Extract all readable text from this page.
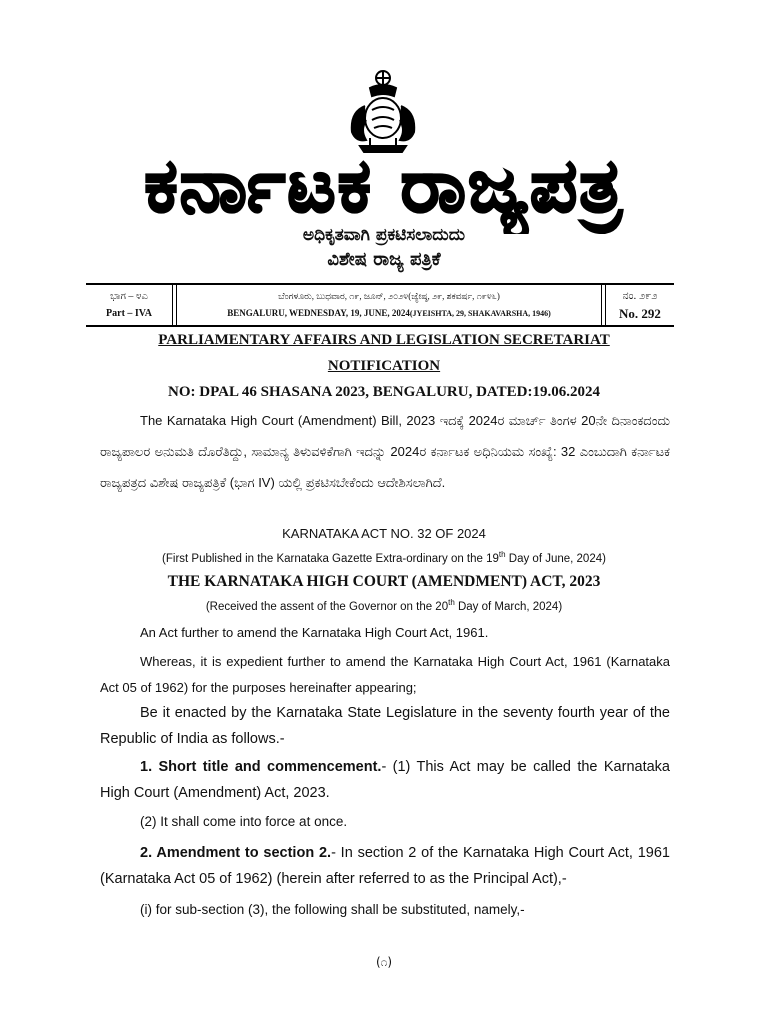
ಕರ್ನಾಟಕ ರಾಜ್ಯಪತ್ರ
ಅಧಿಕೃತವಾಗಿ ಪ್ರಕಟಿಸಲಾದುದು
ವಿಶೇಷ ರಾಜ್ಯ ಪತ್ರಿಕೆ
ಭಾಗ – ೪ಎ
Part – IVA
ಬೆಂಗಳೂರು, ಬುಧವಾರ, ೧೯, ಜೂನ್, ೨೦೨೪(ಜ್ಯೇಷ್ಠ, ೨೯, ಶಕವರ್ಷ, ೧೯೪೬)
BENGALURU, WEDNESDAY, 19, JUNE, 2024(JYEISHTA, 29, SHAKAVARSHA, 1946)
ನಂ. ೨೯೨
No. 292
PARLIAMENTARY AFFAIRS AND LEGISLATION SECRETARIAT
NOTIFICATION
NO: DPAL 46 SHASANA 2023, BENGALURU, DATED:19.06.2024
The Karnataka High Court (Amendment) Bill, 2023 ಇದಕ್ಕೆ 2024ರ ಮಾರ್ಚ್ ತಿಂಗಳ 20ನೇ ದಿನಾಂಕದಂದು ರಾಜ್ಯಪಾಲರ ಅನುಮತಿ ದೊರೆತಿದ್ದು, ಸಾಮಾನ್ಯ ತಿಳುವಳಿಕೆಗಾಗಿ ಇದನ್ನು 2024ರ ಕರ್ನಾಟಕ ಅಧಿನಿಯಮ ಸಂಖ್ಯೆ: 32 ಎಂಬುದಾಗಿ ಕರ್ನಾಟಕ ರಾಜ್ಯಪತ್ರದ ವಿಶೇಷ ರಾಜ್ಯಪತ್ರಿಕೆ (ಭಾಗ IV) ಯಲ್ಲಿ ಪ್ರಕಟಿಸಬೇಕೆಂದು ಆದೇಶಿಸಲಾಗಿದೆ.
KARNATAKA ACT NO. 32 OF 2024
(First Published in the Karnataka Gazette Extra-ordinary on the 19th Day of June, 2024)
THE KARNATAKA HIGH COURT (AMENDMENT) ACT, 2023
(Received the assent of the Governor on the 20th Day of March, 2024)
An Act further to amend the Karnataka High Court Act, 1961.
Whereas, it is expedient further to amend the Karnataka High Court Act, 1961 (Karnataka Act 05 of 1962) for the purposes hereinafter appearing;
Be it enacted by the Karnataka State Legislature in the seventy fourth year of the Republic of India as follows.-
1. Short title and commencement.- (1) This Act may be called the Karnataka High Court (Amendment) Act, 2023.
(2) It shall come into force at once.
2. Amendment to section 2.- In section 2 of the Karnataka High Court Act, 1961 (Karnataka Act 05 of 1962) (herein after referred to as the Principal Act),-
(i) for sub-section (3), the following shall be substituted, namely,-
(೧)
